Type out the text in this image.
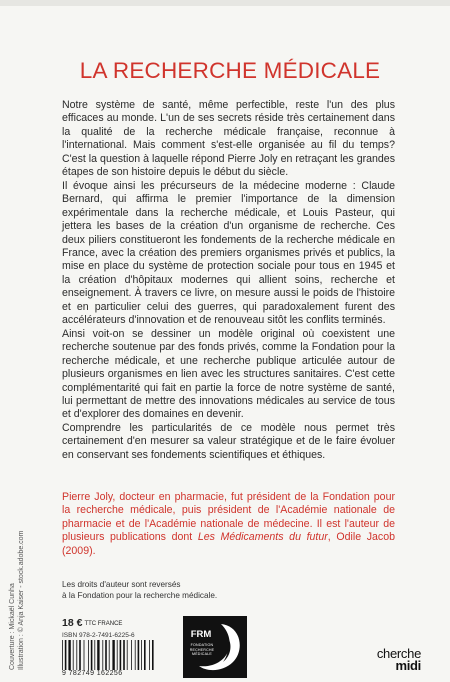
LA RECHERCHE MÉDICALE

Notre système de santé, même perfectible, reste l'un des plus efficaces au monde. L'un de ses secrets réside très certainement dans la qualité de la recherche médicale française, reconnue à l'international. Mais comment s'est-elle organisée au fil du temps? C'est la question à laquelle répond Pierre Joly en retraçant les grandes étapes de son histoire depuis le début du siècle.

Il évoque ainsi les précurseurs de la médecine moderne : Claude Bernard, qui affirma le premier l'importance de la dimension expérimentale dans la recherche médicale, et Louis Pasteur, qui jettera les bases de la création d'un organisme de recherche. Ces deux piliers constitueront les fondements de la recherche médicale en France, avec la création des premiers organismes privés et publics, la mise en place du système de protection sociale pour tous en 1945 et la création d'hôpitaux modernes qui allient soins, recherche et enseignement. À travers ce livre, on mesure aussi le poids de l'histoire et en particulier celui des guerres, qui paradoxalement furent des accélérateurs d'innovation et de renouveau sitôt les conflits terminés.

Ainsi voit-on se dessiner un modèle original où coexistent une recherche soutenue par des fonds privés, comme la Fondation pour la recherche médicale, et une recherche publique articulée autour de plusieurs organismes en lien avec les structures sanitaires. C'est cette complémentarité qui fait en partie la force de notre système de santé, lui permettant de mettre des innovations médicales au service de tous et d'explorer des domaines en devenir.

Comprendre les particularités de ce modèle nous permet très certainement d'en mesurer sa valeur stratégique et de le faire évoluer en conservant ses fondements scientifiques et éthiques.

Pierre Joly, docteur en pharmacie, fut président de la Fondation pour la recherche médicale, puis président de l'Académie nationale de pharmacie et de l'Académie nationale de médecine. Il est l'auteur de plusieurs publications dont Les Médicaments du futur, Odile Jacob (2009).

Couverture : Mickaël Cunha Illustration : © Anja Kaiser - stock.adobe.com	Les droits d'auteur sont reversés
à la Fondation pour la recherche médicale.
18 € TTC FRANCE
ISBN 978-2-7491-6225-6
9 782749 162256
FRM
FONDATION
RECHERCHE
MÉDICALE	cherche
midi
